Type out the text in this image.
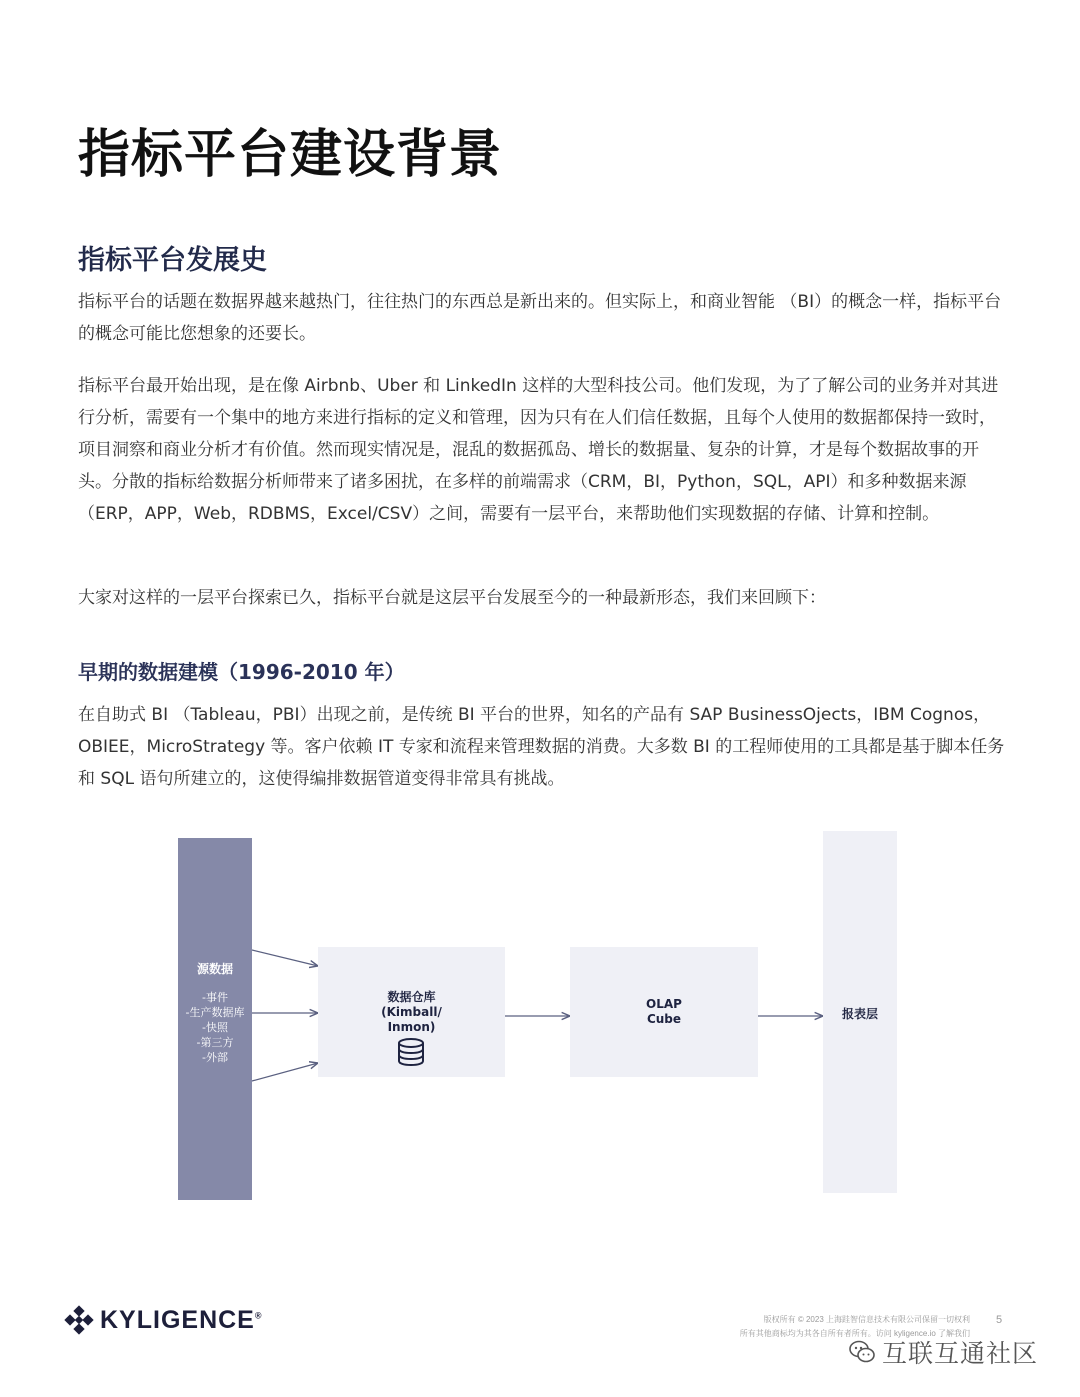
指标平台建设背景
指标平台发展史

指标平台的话题在数据界越来越热门，往往热门的东西总是新出来的。但实际上，和商业智能 （BI）的概念一样，指标平台的概念可能比您想象的还要长。

指标平台最开始出现，是在像 Airbnb、Uber 和 LinkedIn 这样的大型科技公司。他们发现，为了了解公司的业务并对其进行分析，需要有一个集中的地方来进行指标的定义和管理，因为只有在人们信任数据，且每个人使用的数据都保持一致时，项目洞察和商业分析才有价值。然而现实情况是，混乱的数据孤岛、增长的数据量、复杂的计算，才是每个数据故事的开头。分散的指标给数据分析师带来了诸多困扰，在多样的前端需求（CRM，BI，Python，SQL，API）和多种数据来源（ERP，APP，Web，RDBMS，Excel/CSV）之间，需要有一层平台，来帮助他们实现数据的存储、计算和控制。

大家对这样的一层平台探索已久，指标平台就是这层平台发展至今的一种最新形态，我们来回顾下：

早期的数据建模（1996-2010 年）

在自助式 BI （Tableau，PBI）出现之前，是传统 BI 平台的世界，知名的产品有 SAP BusinessOjects，IBM Cognos，OBIEE，MicroStrategy 等。客户依赖 IT 专家和流程来管理数据的消费。大多数 BI 的工程师使用的工具都是基于脚本任务和 SQL 语句所建立的，这使得编排数据管道变得非常具有挑战。

源数据
-事件
-生产数据库
-快照
-第三方
-外部
数据仓库
(Kimball/
Inmon)
OLAP
Cube	报表层
KYLIGENCE®	版权所有 © 2023 上海跬智信息技术有限公司保留一切权利
所有其他商标均为其各自所有者所有。访问 kyligence.io 了解我们
5
互联互通社区
